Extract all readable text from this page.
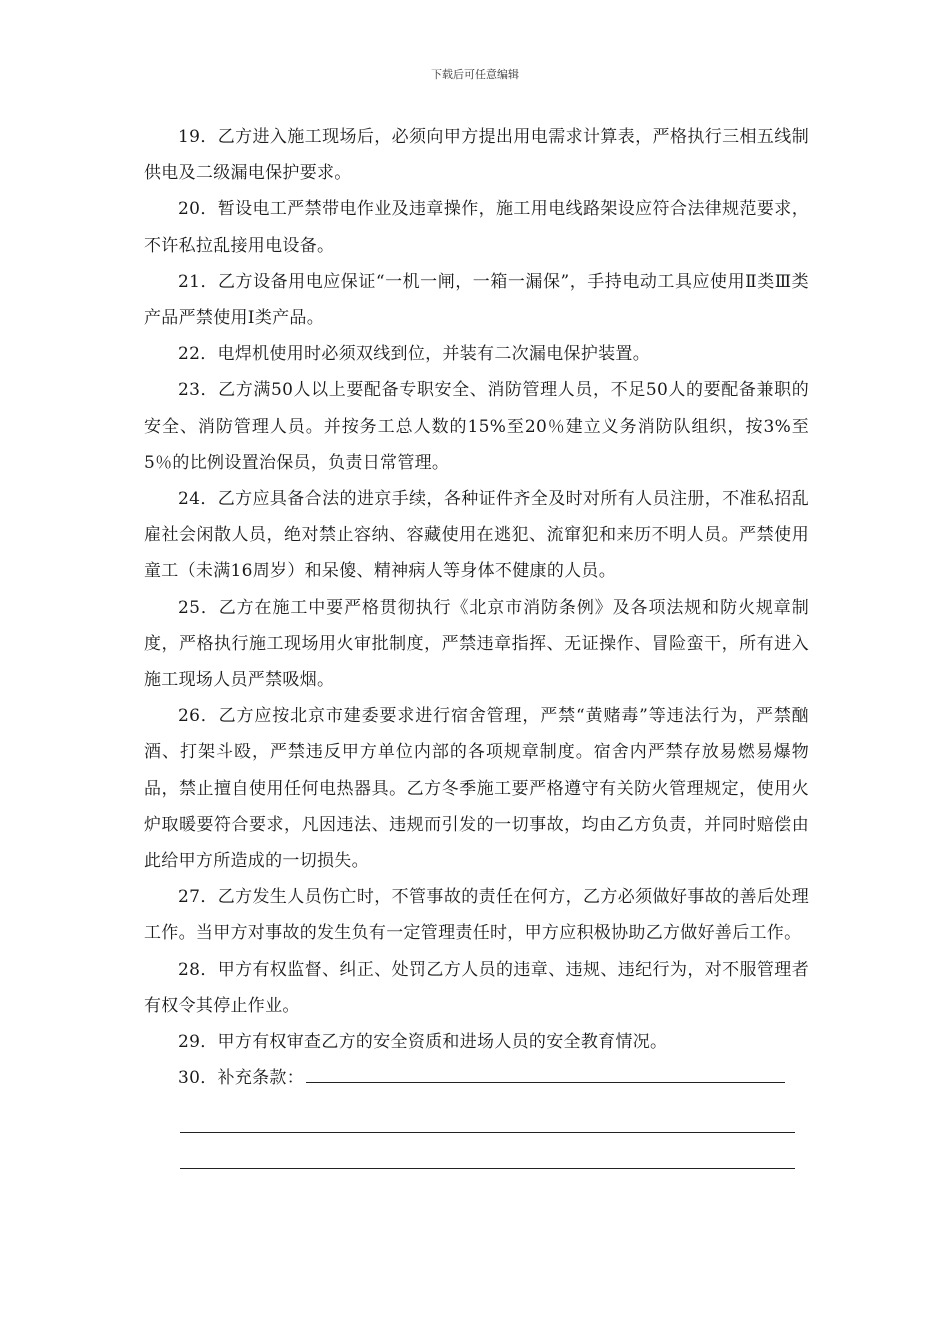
下载后可任意编辑

19．乙方进入施工现场后，必须向甲方提出用电需求计算表，严格执行三相五线制供电及二级漏电保护要求。

20．暂设电工严禁带电作业及违章操作，施工用电线路架设应符合法律规范要求，不许私拉乱接用电设备。

21．乙方设备用电应保证“一机一闸，一箱一漏保”，手持电动工具应使用Ⅱ类Ⅲ类产品严禁使用Ⅰ类产品。

22．电焊机使用时必须双线到位，并装有二次漏电保护装置。

23．乙方满50人以上要配备专职安全、消防管理人员，不足50人的要配备兼职的安全、消防管理人员。并按务工总人数的15%至20％建立义务消防队组织，按3%至5％的比例设置治保员，负责日常管理。

24．乙方应具备合法的进京手续，各种证件齐全及时对所有人员注册，不准私招乱雇社会闲散人员，绝对禁止容纳、容藏使用在逃犯、流窜犯和来历不明人员。严禁使用童工（未满16周岁）和呆傻、精神病人等身体不健康的人员。

25．乙方在施工中要严格贯彻执行《北京市消防条例》及各项法规和防火规章制度，严格执行施工现场用火审批制度，严禁违章指挥、无证操作、冒险蛮干，所有进入施工现场人员严禁吸烟。

26．乙方应按北京市建委要求进行宿舍管理，严禁“黄赌毒”等违法行为，严禁酗酒、打架斗殴，严禁违反甲方单位内部的各项规章制度。宿舍内严禁存放易燃易爆物品，禁止擅自使用任何电热器具。乙方冬季施工要严格遵守有关防火管理规定，使用火炉取暖要符合要求，凡因违法、违规而引发的一切事故，均由乙方负责，并同时赔偿由此给甲方所造成的一切损失。

27．乙方发生人员伤亡时，不管事故的责任在何方，乙方必须做好事故的善后处理工作。当甲方对事故的发生负有一定管理责任时，甲方应积极协助乙方做好善后工作。

28．甲方有权监督、纠正、处罚乙方人员的违章、违规、违纪行为，对不服管理者有权令其停止作业。

29．甲方有权审查乙方的安全资质和进场人员的安全教育情况。

30．补充条款：
